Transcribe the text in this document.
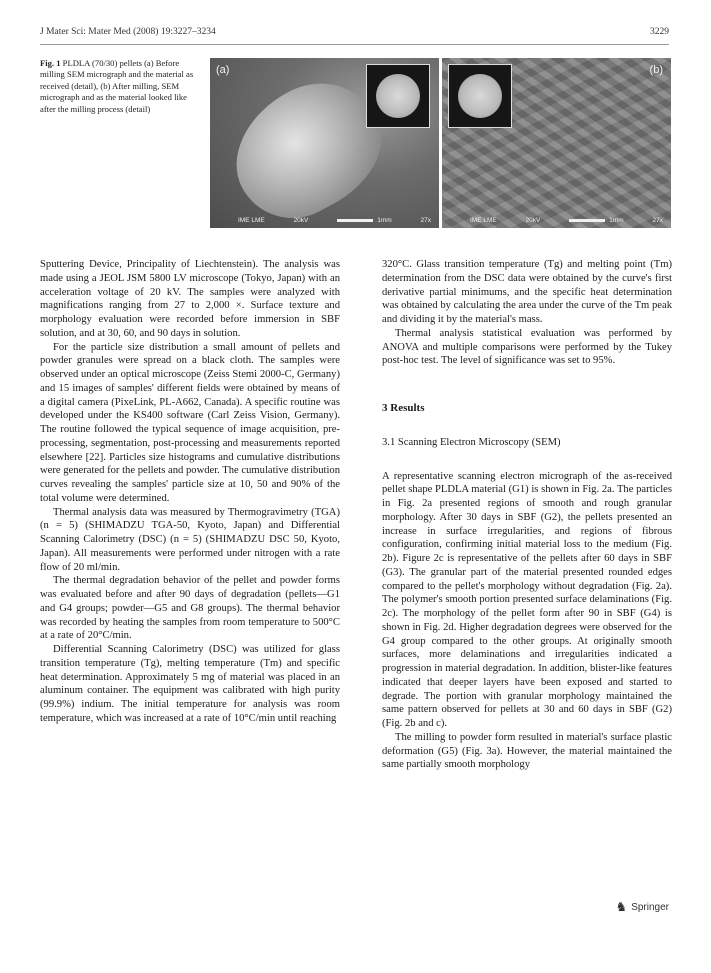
J Mater Sci: Mater Med (2008) 19:3227–3234	3229
Fig. 1 PLDLA (70/30) pellets (a) Before milling SEM micrograph and the material as received (detail), (b) After milling, SEM micrograph and as the material looked like after the milling process (detail)
(a)
IME LME	20kV	1mm	27x
(b)
IME LME	20kV	1mm	27x

Sputtering Device, Principality of Liechtenstein). The analysis was made using a JEOL JSM 5800 LV microscope (Tokyo, Japan) with an acceleration voltage of 20 kV. The samples were analyzed with magnifications ranging from 27 to 2,000 ×. Surface texture and morphology evaluation were recorded before immersion in SBF solution, and at 30, 60, and 90 days in solution.

For the particle size distribution a small amount of pellets and powder granules were spread on a black cloth. The samples were observed under an optical microscope (Zeiss Stemi 2000-C, Germany) and 15 images of samples' different fields were obtained by means of a digital camera (PixeLink, PL-A662, Canada). A specific routine was developed under the KS400 software (Carl Zeiss Vision, Germany). The routine followed the typical sequence of image acquisition, pre-processing, segmentation, post-processing and measurements reported elsewhere [22]. Particles size histograms and cumulative distributions were generated for the pellets and powder. The cumulative distribution curves revealing the samples' particle size at 10, 50 and 90% of the total volume were determined.

Thermal analysis data was measured by Thermogravimetry (TGA) (n = 5) (SHIMADZU TGA-50, Kyoto, Japan) and Differential Scanning Calorimetry (DSC) (n = 5) (SHIMADZU DSC 50, Kyoto, Japan). All measurements were performed under nitrogen with a rate flow of 20 ml/min.

The thermal degradation behavior of the pellet and powder forms was evaluated before and after 90 days of degradation (pellets—G1 and G4 groups; powder—G5 and G8 groups). The thermal behavior was recorded by heating the samples from room temperature to 500°C at a rate of 20°C/min.

Differential Scanning Calorimetry (DSC) was utilized for glass transition temperature (Tg), melting temperature (Tm) and specific heat determination. Approximately 5 mg of material was placed in an aluminum container. The equipment was calibrated with high purity (99.9%) indium. The initial temperature for analysis was room temperature, which was increased at a rate of 10°C/min until reaching

320°C. Glass transition temperature (Tg) and melting point (Tm) determination from the DSC data were obtained by the curve's first derivative partial minimums, and the specific heat determination was obtained by calculating the area under the curve of the Tm peak and dividing it by the material's mass.

Thermal analysis statistical evaluation was performed by ANOVA and multiple comparisons were performed by the Tukey post-hoc test. The level of significance was set to 95%.

3 Results
3.1 Scanning Electron Microscopy (SEM)

A representative scanning electron micrograph of the as-received pellet shape PLDLA material (G1) is shown in Fig. 2a. The particles in Fig. 2a presented regions of smooth and rough granular morphology. After 30 days in SBF (G2), the pellets presented an increase in surface irregularities, and regions of fibrous configuration, confirming initial material loss to the medium (Fig. 2b). Figure 2c is representative of the pellets after 60 days in SBF (G3). The granular part of the material presented rounded edges compared to the pellet's morphology without degradation (Fig. 2a). The polymer's smooth portion presented surface delaminations (Fig. 2c). The morphology of the pellet form after 90 in SBF (G4) is shown in Fig. 2d. Higher degradation degrees were observed for the G4 group compared to the other groups. At originally smooth surfaces, more delaminations and irregularities indicated a progression in material degradation. In addition, blister-like features indicated that deeper layers have been exposed and started to degrade. The portion with granular morphology maintained the same pattern observed for pellets at 30 and 60 days in SBF (G2) (Fig. 2b and c).

The milling to powder form resulted in material's surface plastic deformation (G5) (Fig. 3a). However, the material maintained the same partially smooth morphology

♞ Springer
